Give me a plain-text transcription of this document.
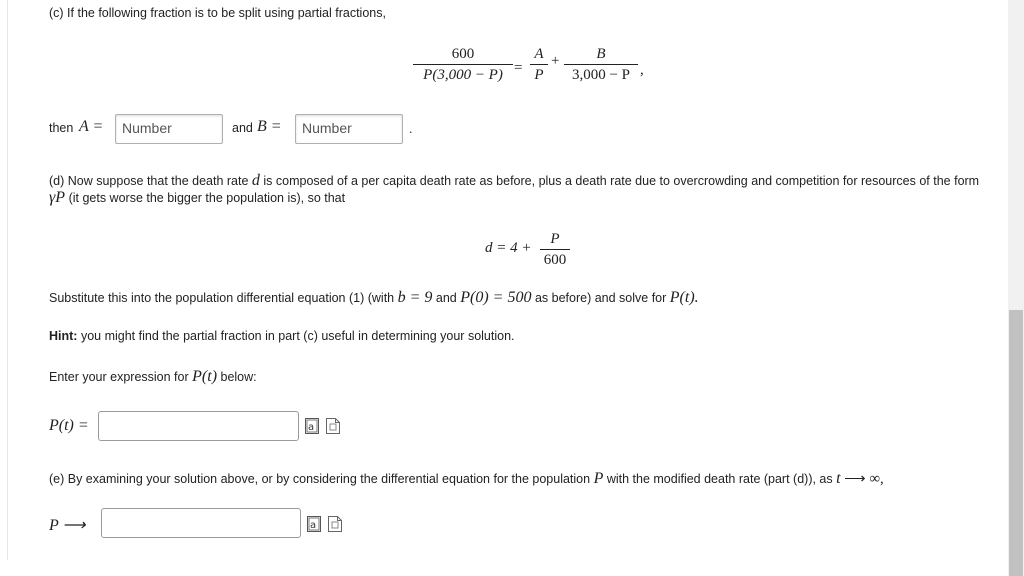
(c) If the following fraction is to be split using partial fractions,
600
P(3,000 − P) =
A
P
+	B
3,000 − P ,
then A =	Number	and B =	Number	.
(d) Now suppose that the death rate d is composed of a per capita death rate as before, plus a death rate due to overcrowding and competition for resources of the form
γP (it gets worse the bigger the population is), so that
d = 4 +
P
600
Substitute this into the population differential equation (1) (with b = 9 and P(0) = 500 as before) and solve for P(t).
Hint: you might find the partial fraction in part (c) useful in determining your solution.
Enter your expression for P(t) below:
P(t) =	a
(e) By examining your solution above, or by considering the differential equation for the population P with the modified death rate (part (d)), as t ⟶ ∞,
P ⟶	a
